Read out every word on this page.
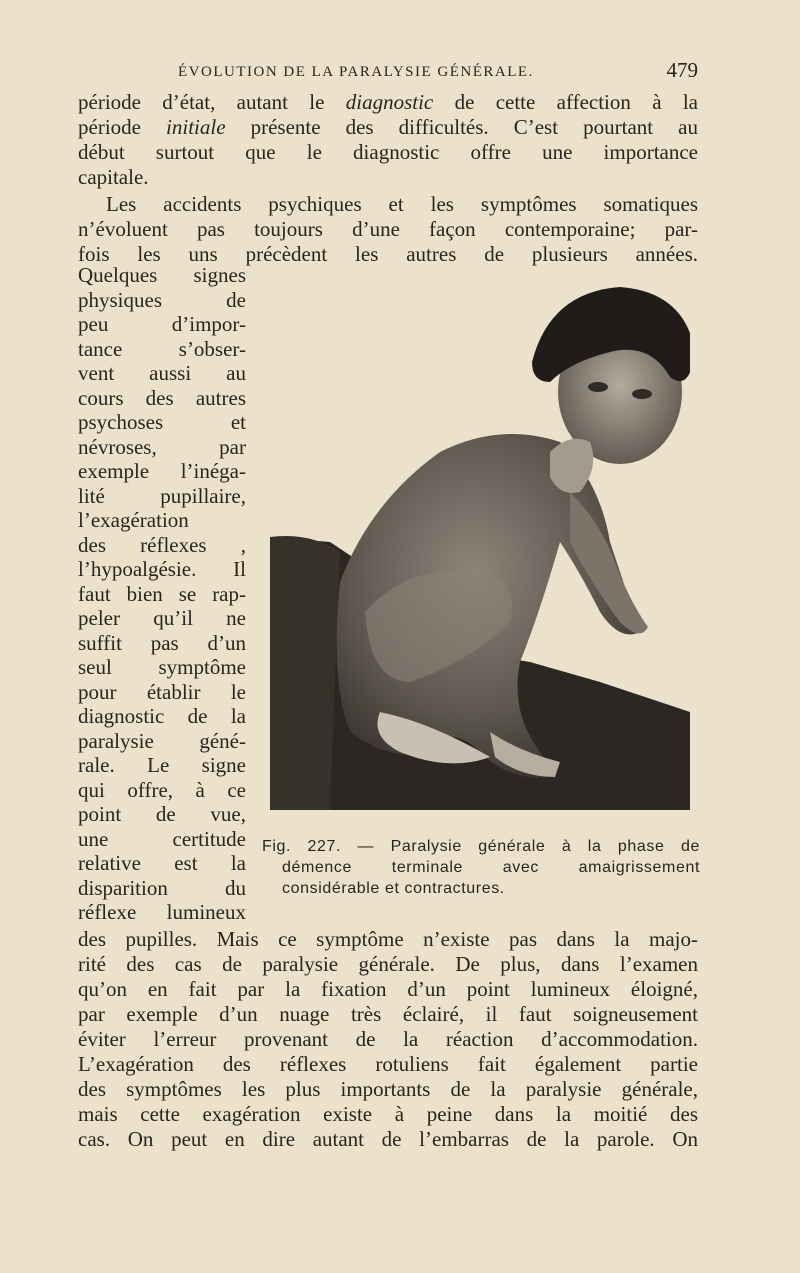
ÉVOLUTION DE LA PARALYSIE GÉNÉRALE.	479
période d’état, autant le diagnostic de cette affection à la
période initiale présente des difficultés. C’est pourtant au
début surtout que le diagnostic offre une importance
capitale.
Les accidents psychiques et les symptômes somatiques
n’évoluent pas toujours d’une façon contemporaine; par-
fois les uns précèdent les autres de plusieurs années.
Quelques signes
physiques de
peu d’impor-
tance s’obser-
vent aussi au
cours des autres
psychoses et
névroses, par
exemple l’inéga-
lité pupillaire,
l’exagération
des réflexes ,
l’hypoalgésie. Il
faut bien se rap-
peler qu’il ne
suffit pas d’un
seul symptôme
pour établir le
diagnostic de la
paralysie géné-
rale. Le signe
qui offre, à ce
point de vue,
une certitude
relative est la
disparition du
réflexe lumineux
Fig. 227. — Paralysie générale à la phase de
démence terminale avec amaigrissement
considérable et contractures.
des pupilles. Mais ce symptôme n’existe pas dans la majo-
rité des cas de paralysie générale. De plus, dans l’examen
qu’on en fait par la fixation d’un point lumineux éloigné,
par exemple d’un nuage très éclairé, il faut soigneusement
éviter l’erreur provenant de la réaction d’accommodation.
L’exagération des réflexes rotuliens fait également partie
des symptômes les plus importants de la paralysie générale,
mais cette exagération existe à peine dans la moitié des
cas. On peut en dire autant de l’embarras de la parole. On
